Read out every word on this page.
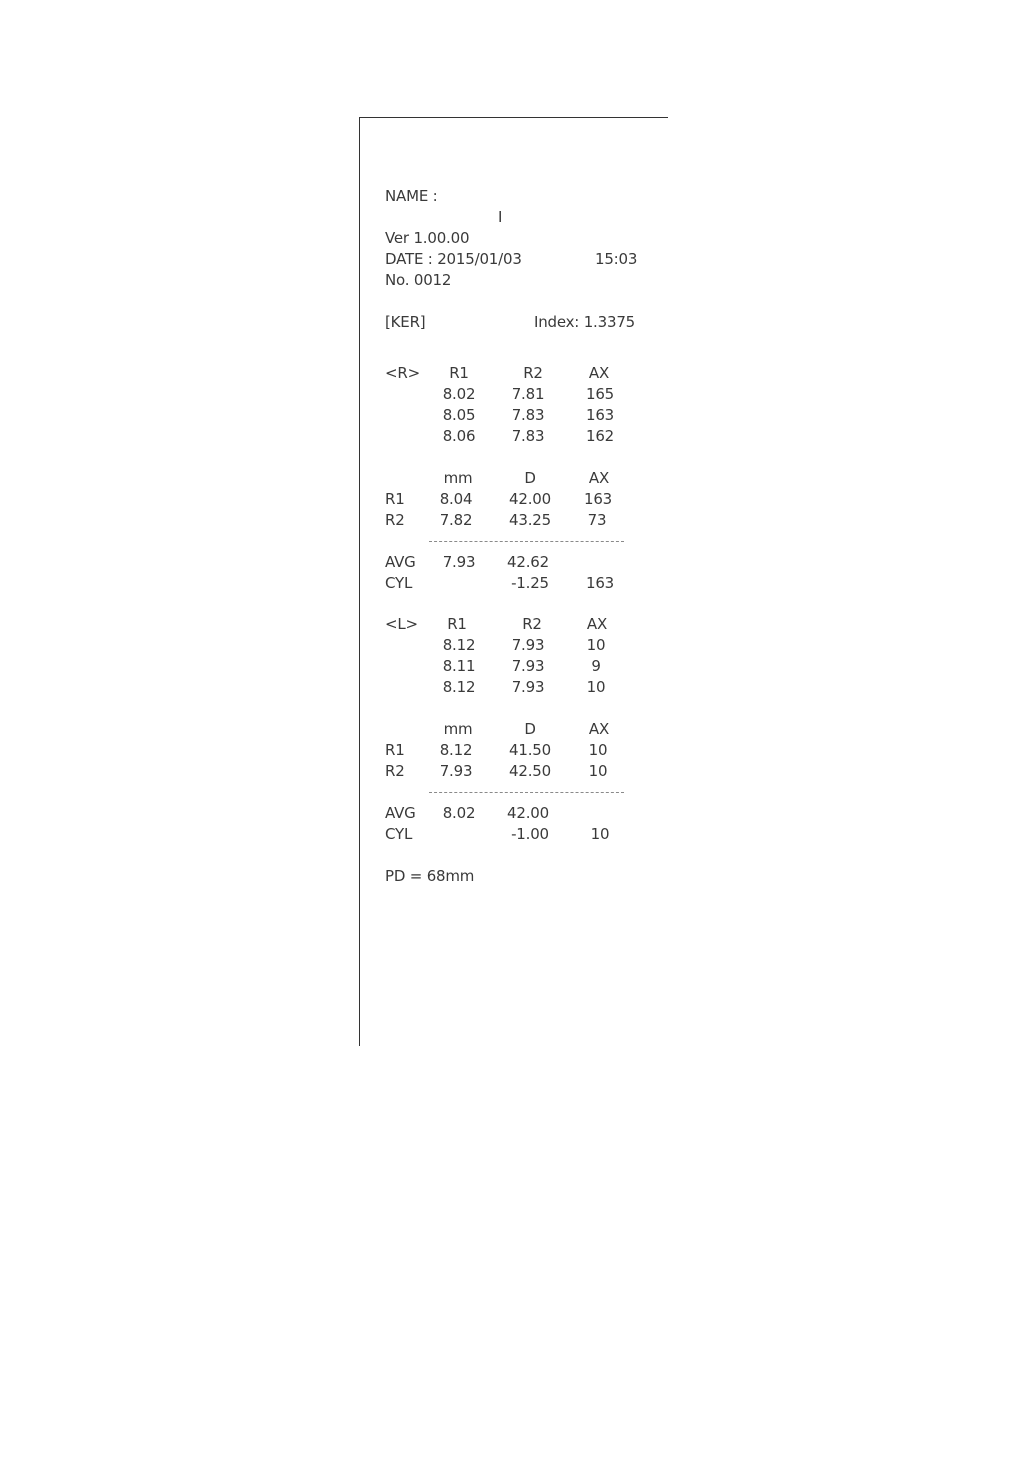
NAME :
I
Ver 1.00.00
DATE : 2015/01/03	15:03
No. 0012
[KER]	Index: 1.3375
<R> R1	R2	AX
8.02 7.81	165
8.05 7.83	163
8.06 7.83	162
mm	D	AX
R1 8.04 42.00 163
R2 7.82 43.25 73
AVG 7.93 42.62
CYL	-1.25 163
<L> R1	R2	AX
8.12 7.93	10
8.11 7.93	9
8.12 7.93	10
mm	D	AX
R1 8.12 41.50	10
R2 7.93 42.50	10
AVG 8.02 42.00
CYL	-1.00	10
PD = 68mm
